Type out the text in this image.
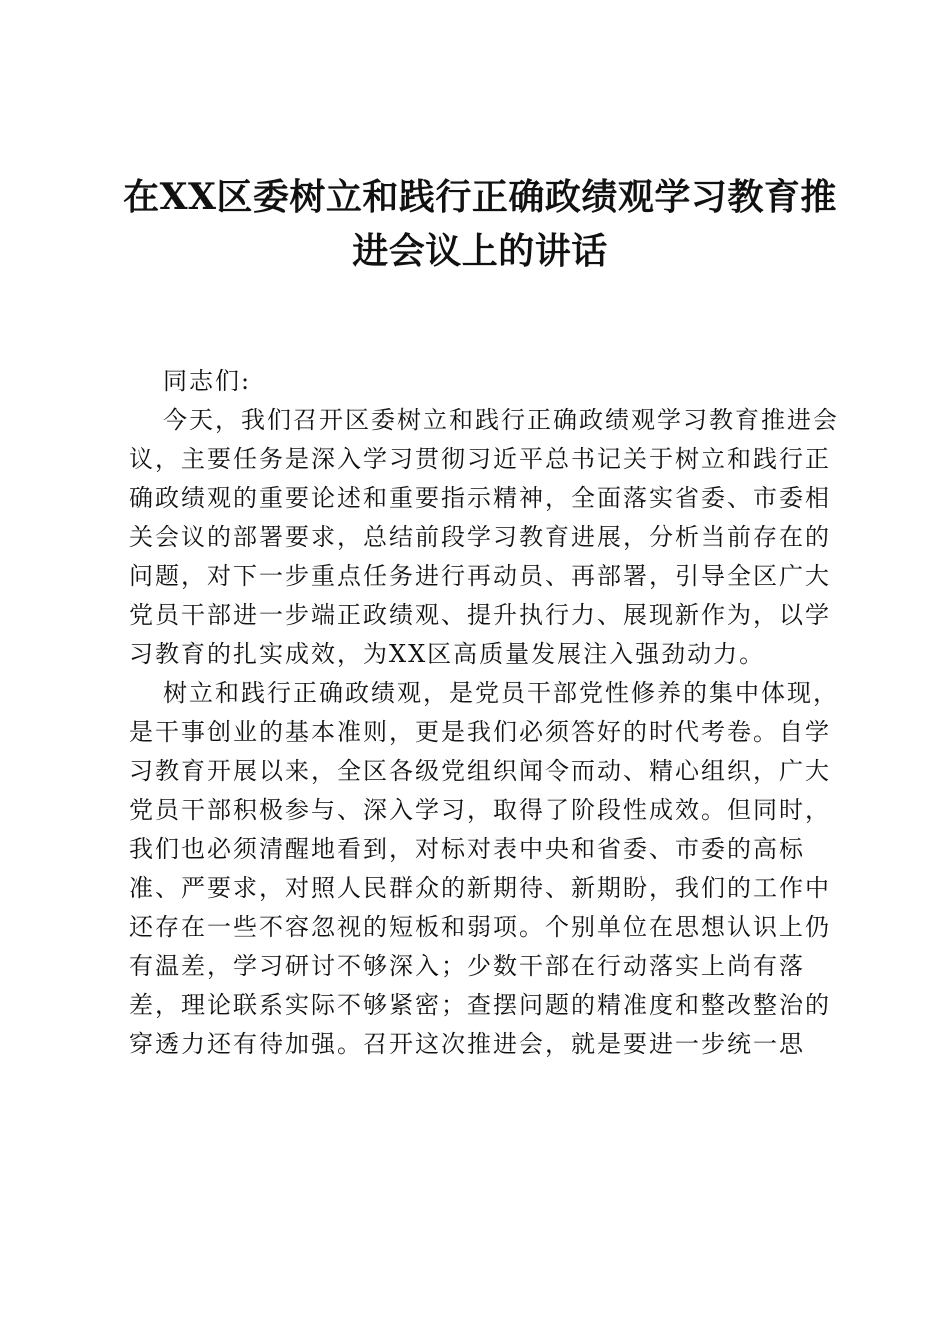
在XX区委树立和践行正确政绩观学习教育推
进会议上的讲话
同志们:
今天，我们召开区委树立和践行正确政绩观学习教育推进会
议，主要任务是深入学习贯彻习近平总书记关于树立和践行正
确政绩观的重要论述和重要指示精神，全面落实省委、市委相
关会议的部署要求，总结前段学习教育进展，分析当前存在的
问题，对下一步重点任务进行再动员、再部署，引导全区广大
党员干部进一步端正政绩观、提升执行力、展现新作为，以学
习教育的扎实成效，为XX区高质量发展注入强劲动力。
树立和践行正确政绩观，是党员干部党性修养的集中体现，
是干事创业的基本准则，更是我们必须答好的时代考卷。自学
习教育开展以来，全区各级党组织闻令而动、精心组织，广大
党员干部积极参与、深入学习，取得了阶段性成效。但同时，
我们也必须清醒地看到，对标对表中央和省委、市委的高标
准、严要求，对照人民群众的新期待、新期盼，我们的工作中
还存在一些不容忽视的短板和弱项。个别单位在思想认识上仍
有温差，学习研讨不够深入；少数干部在行动落实上尚有落
差，理论联系实际不够紧密；查摆问题的精准度和整改整治的
穿透力还有待加强。召开这次推进会，就是要进一步统一思
